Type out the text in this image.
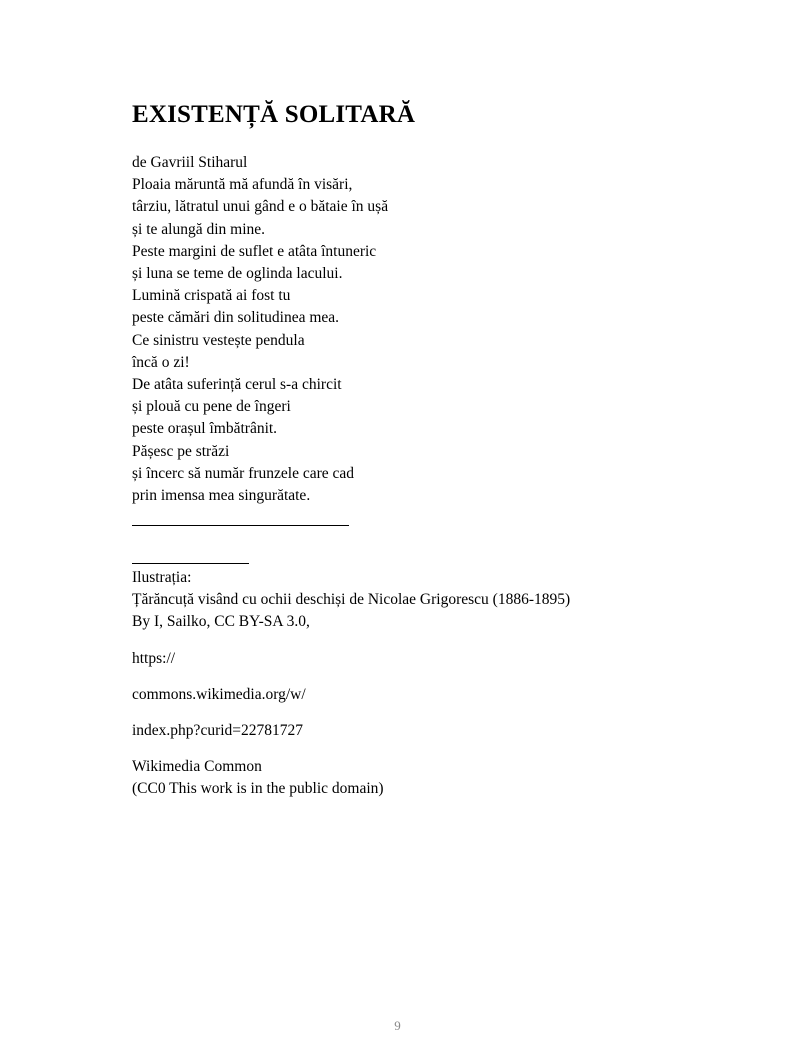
EXISTENȚĂ SOLITARĂ
de Gavriil Stiharul
Ploaia măruntă mă afundă în visări,
târziu, lătratul unui gând e o bătaie în ușă
și te alungă din mine.
Peste margini de suflet e atâta întuneric
și luna se teme de oglinda lacului.
Lumină crispată ai fost tu
peste cămări din solitudinea mea.
Ce sinistru vestește pendula
încă o zi!
De atâta suferință cerul s-a chircit
și plouă cu pene de îngeri
peste orașul îmbătrânit.
Pășesc pe străzi
și încerc să număr frunzele care cad
prin imensa mea singurătate.
Ilustrația:
Țărăncuță visând cu ochii deschiși de Nicolae Grigorescu (1886-1895)
By I, Sailko, CC BY-SA 3.0,
https://
commons.wikimedia.org/w/
index.php?curid=22781727
Wikimedia Common
(CC0 This work is in the public domain)
9
